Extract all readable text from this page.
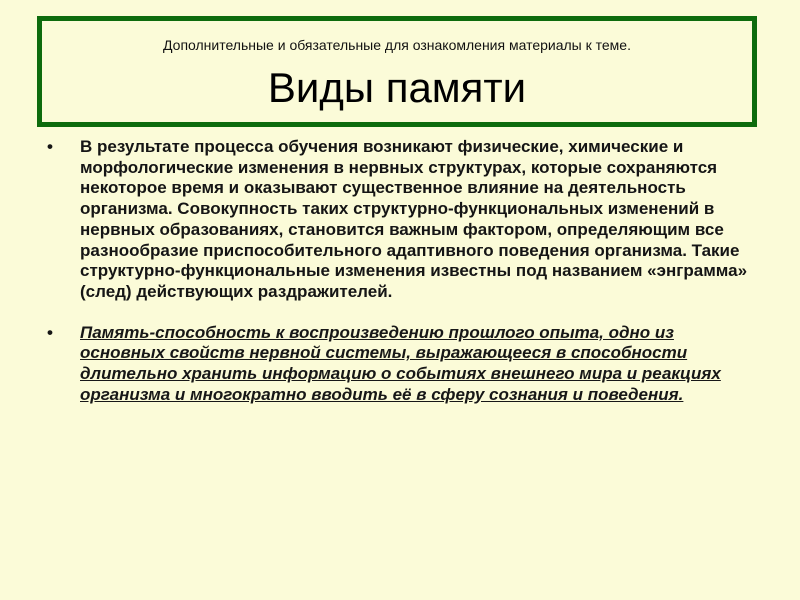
Дополнительные и обязательные для ознакомления материалы к теме.
Виды памяти
• В результате процесса обучения возникают физические, химические и морфологические изменения в нервных структурах, которые сохраняются некоторое время и оказывают существенное влияние на деятельность организма. Совокупность таких структурно-функциональных изменений в нервных образованиях, становится важным фактором, определяющим все разнообразие приспособительного адаптивного поведения организма. Такие структурно-функциональные изменения известны под названием «энграмма» (след) действующих раздражителей.
• Память-способность к воспроизведению прошлого опыта, одно из основных свойств нервной системы, выражающееся в способности длительно хранить информацию о событиях внешнего мира и реакциях организма и многократно вводить её в сферу сознания и поведения.
